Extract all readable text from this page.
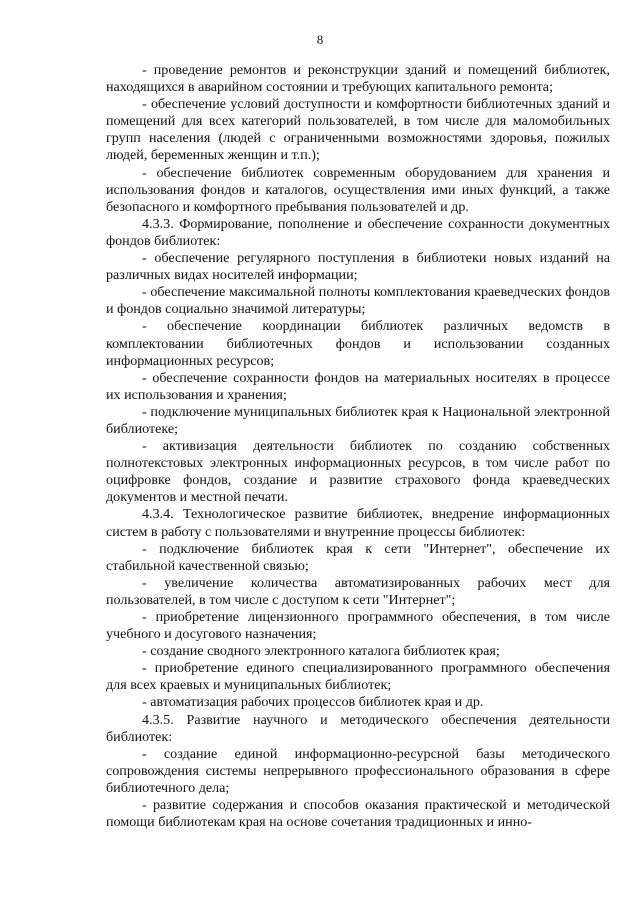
8

- проведение ремонтов и реконструкции зданий и помещений библиотек, находящихся в аварийном состоянии и требующих капитального ремонта;

- обеспечение условий доступности и комфортности библиотечных зданий и помещений для всех категорий пользователей, в том числе для маломобильных групп населения (людей с ограниченными возможностями здоровья, пожилых людей, беременных женщин и т.п.);

- обеспечение библиотек современным оборудованием для хранения и использования фондов и каталогов, осуществления ими иных функций, а также безопасного и комфортного пребывания пользователей и др.

4.3.3. Формирование, пополнение и обеспечение сохранности документных фондов библиотек:

- обеспечение регулярного поступления в библиотеки новых изданий на различных видах носителей информации;

- обеспечение максимальной полноты комплектования краеведческих фондов и фондов социально значимой литературы;

- обеспечение координации библиотек различных ведомств в комплектовании библиотечных фондов и использовании созданных информационных ресурсов;

- обеспечение сохранности фондов на материальных носителях в процессе их использования и хранения;

- подключение муниципальных библиотек края к Национальной электронной библиотеке;

- активизация деятельности библиотек по созданию собственных полнотекстовых электронных информационных ресурсов, в том числе работ по оцифровке фондов, создание и развитие страхового фонда краеведческих документов и местной печати.

4.3.4. Технологическое развитие библиотек, внедрение информационных систем в работу с пользователями и внутренние процессы библиотек:

- подключение библиотек края к сети "Интернет", обеспечение их стабильной качественной связью;

- увеличение количества автоматизированных рабочих мест для пользователей, в том числе с доступом к сети "Интернет";

- приобретение лицензионного программного обеспечения, в том числе учебного и досугового назначения;

- создание сводного электронного каталога библиотек края;

- приобретение единого специализированного программного обеспечения для всех краевых и муниципальных библиотек;

- автоматизация рабочих процессов библиотек края и др.

4.3.5. Развитие научного и методического обеспечения деятельности библиотек:

- создание единой информационно-ресурсной базы методического сопровождения системы непрерывного профессионального образования в сфере библиотечного дела;

- развитие содержания и способов оказания практической и методической помощи библиотекам края на основе сочетания традиционных и инно-
